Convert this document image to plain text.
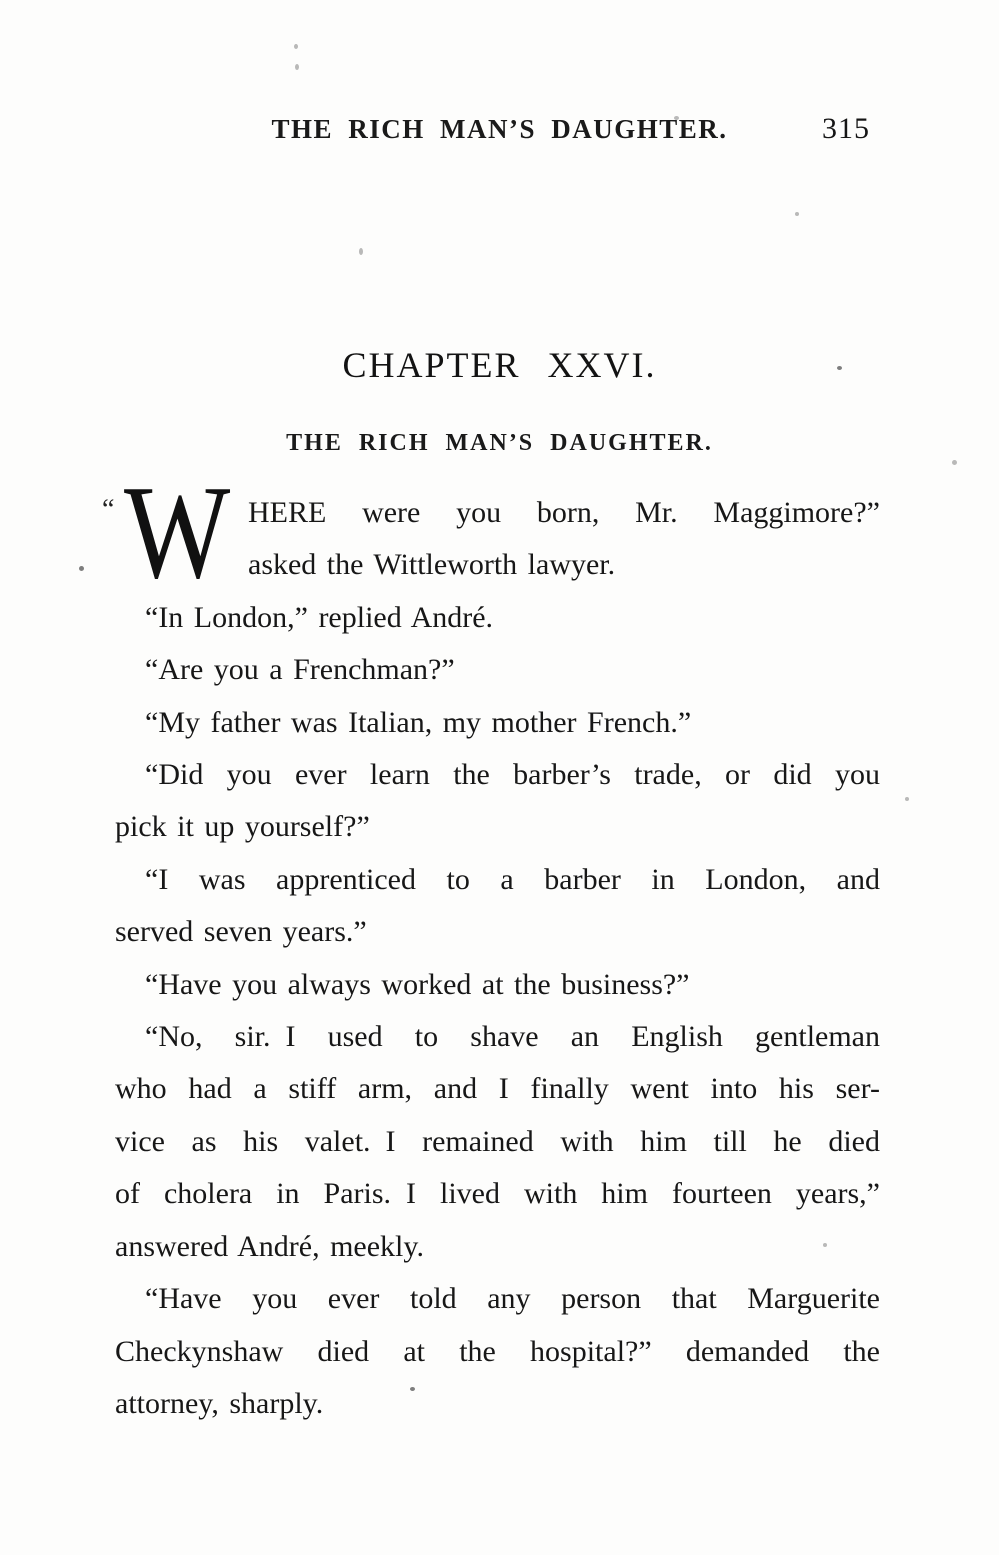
THE RICH MAN’S DAUGHTER.	315
CHAPTER XXVI.
THE RICH MAN’S DAUGHTER.
“ W HERE were you born, Mr. Maggimore?”
asked the Wittleworth lawyer.
“In London,” replied André.
“Are you a Frenchman?”
“My father was Italian, my mother French.”
“Did you ever learn the barber’s trade, or did you
pick it up yourself?”
“I was apprenticed to a barber in London, and
served seven years.”
“Have you always worked at the business?”
“No, sir. I used to shave an English gentleman
who had a stiff arm, and I finally went into his ser-
vice as his valet. I remained with him till he died
of cholera in Paris. I lived with him fourteen years,”
answered André, meekly.
“Have you ever told any person that Marguerite
Checkynshaw died at the hospital?” demanded the
attorney, sharply.
